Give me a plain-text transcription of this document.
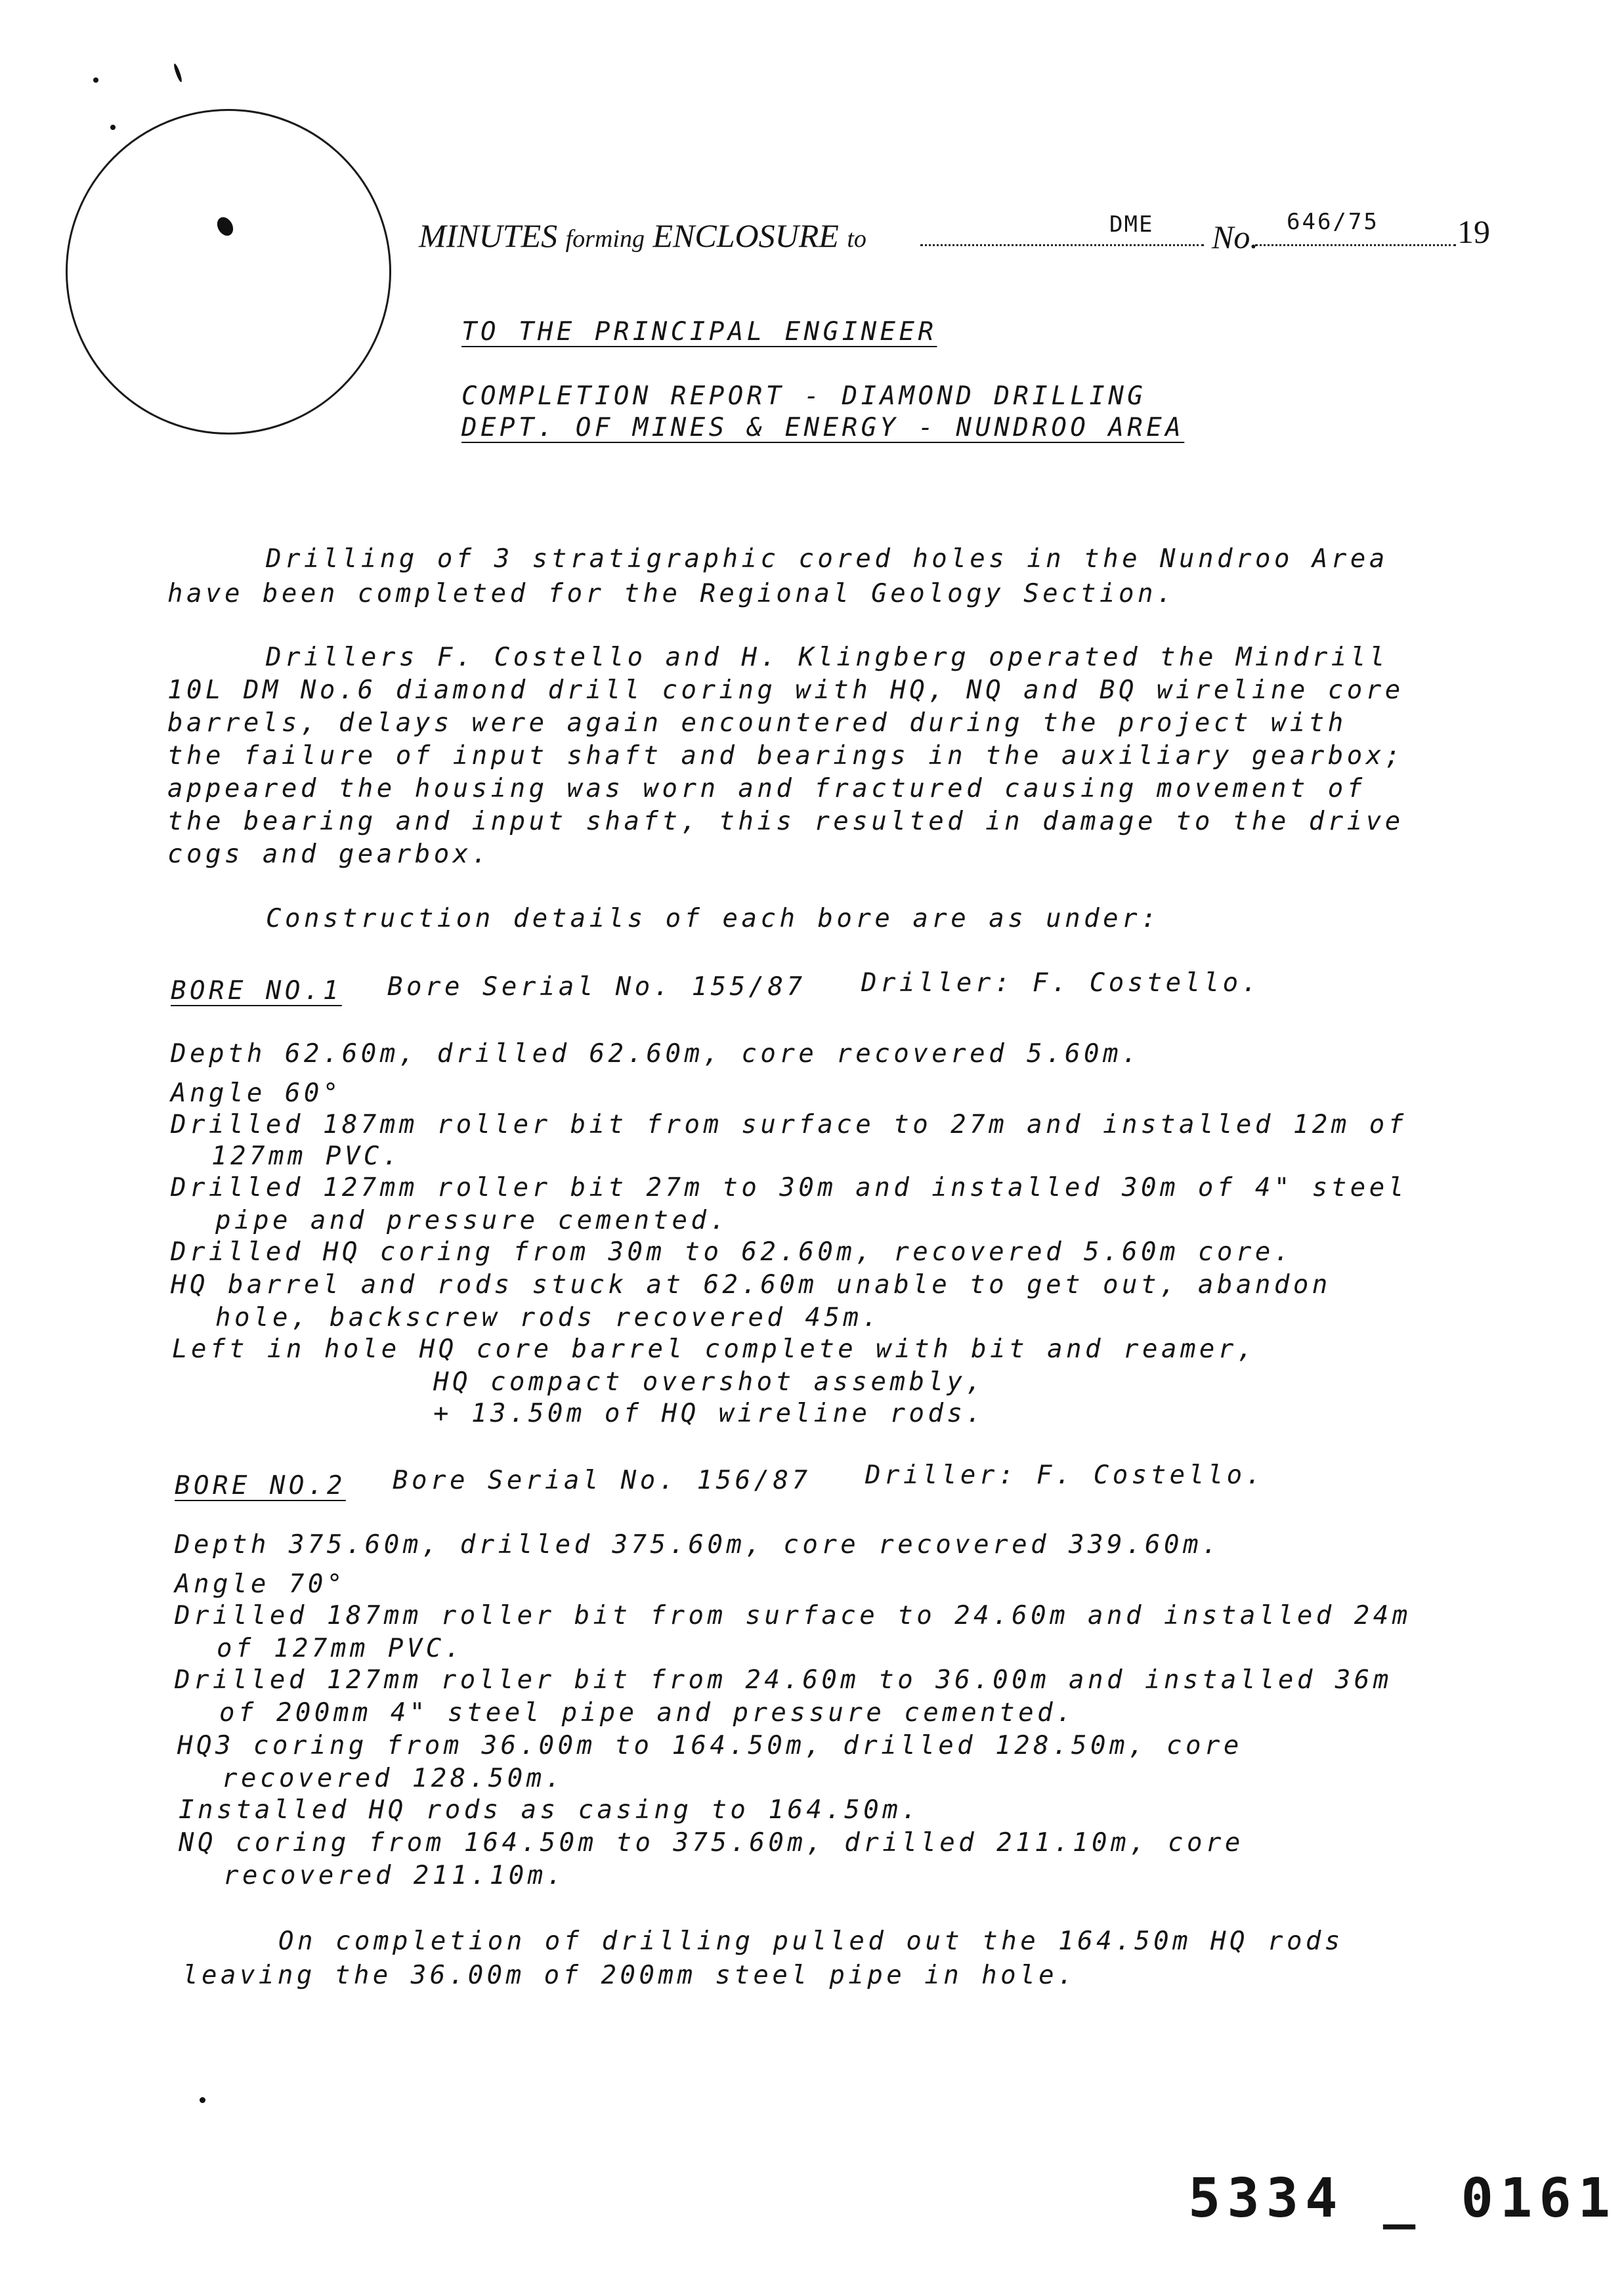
MINUTES forming ENCLOSURE to
DME No. 646/75 19
TO THE PRINCIPAL ENGINEER
COMPLETION REPORT - DIAMOND DRILLING
DEPT. OF MINES & ENERGY - NUNDROO AREA
Drilling of 3 stratigraphic cored holes in the Nundroo Area
have been completed for the Regional Geology Section.
Drillers F. Costello and H. Klingberg operated the Mindrill
10L DM No.6 diamond drill coring with HQ, NQ and BQ wireline core
barrels, delays were again encountered during the project with
the failure of input shaft and bearings in the auxiliary gearbox;
appeared the housing was worn and fractured causing movement of
the bearing and input shaft, this resulted in damage to the drive
cogs and gearbox.
Construction details of each bore are as under:
BORE NO.1 Bore Serial No. 155/87 Driller: F. Costello.
Depth 62.60m, drilled 62.60m, core recovered 5.60m.
Angle 60°
Drilled 187mm roller bit from surface to 27m and installed 12m of
127mm PVC.
Drilled 127mm roller bit 27m to 30m and installed 30m of 4" steel
pipe and pressure cemented.
Drilled HQ coring from 30m to 62.60m, recovered 5.60m core.
HQ barrel and rods stuck at 62.60m unable to get out, abandon
hole, backscrew rods recovered 45m.
Left in hole HQ core barrel complete with bit and reamer,
HQ compact overshot assembly,
+ 13.50m of HQ wireline rods.
BORE NO.2 Bore Serial No. 156/87 Driller: F. Costello.
Depth 375.60m, drilled 375.60m, core recovered 339.60m.
Angle 70°
Drilled 187mm roller bit from surface to 24.60m and installed 24m
of 127mm PVC.
Drilled 127mm roller bit from 24.60m to 36.00m and installed 36m
of 200mm 4" steel pipe and pressure cemented.
HQ3 coring from 36.00m to 164.50m, drilled 128.50m, core
recovered 128.50m.
Installed HQ rods as casing to 164.50m.
NQ coring from 164.50m to 375.60m, drilled 211.10m, core
recovered 211.10m.
On completion of drilling pulled out the 164.50m HQ rods
leaving the 36.00m of 200mm steel pipe in hole.
5334 _ 0161
